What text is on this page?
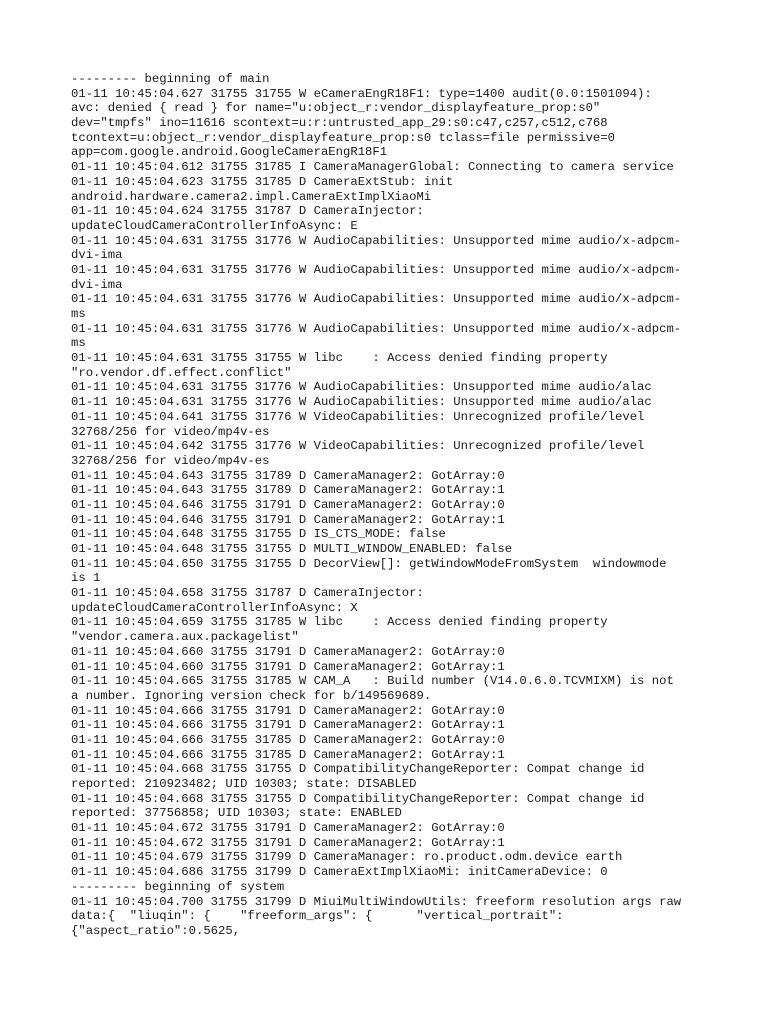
--------- beginning of main
01-11 10:45:04.627 31755 31755 W eCameraEngR18F1: type=1400 audit(0.0:1501094):
avc: denied { read } for name="u:object_r:vendor_displayfeature_prop:s0"
dev="tmpfs" ino=11616 scontext=u:r:untrusted_app_29:s0:c47,c257,c512,c768
tcontext=u:object_r:vendor_displayfeature_prop:s0 tclass=file permissive=0
app=com.google.android.GoogleCameraEngR18F1
01-11 10:45:04.612 31755 31785 I CameraManagerGlobal: Connecting to camera service
01-11 10:45:04.623 31755 31785 D CameraExtStub: init
android.hardware.camera2.impl.CameraExtImplXiaoMi
01-11 10:45:04.624 31755 31787 D CameraInjector:
updateCloudCameraControllerInfoAsync: E
01-11 10:45:04.631 31755 31776 W AudioCapabilities: Unsupported mime audio/x-adpcm-
dvi-ima
01-11 10:45:04.631 31755 31776 W AudioCapabilities: Unsupported mime audio/x-adpcm-
dvi-ima
01-11 10:45:04.631 31755 31776 W AudioCapabilities: Unsupported mime audio/x-adpcm-
ms
01-11 10:45:04.631 31755 31776 W AudioCapabilities: Unsupported mime audio/x-adpcm-
ms
01-11 10:45:04.631 31755 31755 W libc    : Access denied finding property
"ro.vendor.df.effect.conflict"
01-11 10:45:04.631 31755 31776 W AudioCapabilities: Unsupported mime audio/alac
01-11 10:45:04.631 31755 31776 W AudioCapabilities: Unsupported mime audio/alac
01-11 10:45:04.641 31755 31776 W VideoCapabilities: Unrecognized profile/level
32768/256 for video/mp4v-es
01-11 10:45:04.642 31755 31776 W VideoCapabilities: Unrecognized profile/level
32768/256 for video/mp4v-es
01-11 10:45:04.643 31755 31789 D CameraManager2: GotArray:0
01-11 10:45:04.643 31755 31789 D CameraManager2: GotArray:1
01-11 10:45:04.646 31755 31791 D CameraManager2: GotArray:0
01-11 10:45:04.646 31755 31791 D CameraManager2: GotArray:1
01-11 10:45:04.648 31755 31755 D IS_CTS_MODE: false
01-11 10:45:04.648 31755 31755 D MULTI_WINDOW_ENABLED: false
01-11 10:45:04.650 31755 31755 D DecorView[]: getWindowModeFromSystem  windowmode
is 1
01-11 10:45:04.658 31755 31787 D CameraInjector:
updateCloudCameraControllerInfoAsync: X
01-11 10:45:04.659 31755 31785 W libc    : Access denied finding property
"vendor.camera.aux.packagelist"
01-11 10:45:04.660 31755 31791 D CameraManager2: GotArray:0
01-11 10:45:04.660 31755 31791 D CameraManager2: GotArray:1
01-11 10:45:04.665 31755 31785 W CAM_A   : Build number (V14.0.6.0.TCVMIXM) is not
a number. Ignoring version check for b/149569689.
01-11 10:45:04.666 31755 31791 D CameraManager2: GotArray:0
01-11 10:45:04.666 31755 31791 D CameraManager2: GotArray:1
01-11 10:45:04.666 31755 31785 D CameraManager2: GotArray:0
01-11 10:45:04.666 31755 31785 D CameraManager2: GotArray:1
01-11 10:45:04.668 31755 31755 D CompatibilityChangeReporter: Compat change id
reported: 210923482; UID 10303; state: DISABLED
01-11 10:45:04.668 31755 31755 D CompatibilityChangeReporter: Compat change id
reported: 37756858; UID 10303; state: ENABLED
01-11 10:45:04.672 31755 31791 D CameraManager2: GotArray:0
01-11 10:45:04.672 31755 31791 D CameraManager2: GotArray:1
01-11 10:45:04.679 31755 31799 D CameraManager: ro.product.odm.device earth
01-11 10:45:04.686 31755 31799 D CameraExtImplXiaoMi: initCameraDevice: 0
--------- beginning of system
01-11 10:45:04.700 31755 31799 D MiuiMultiWindowUtils: freeform resolution args raw
data:{  "liuqin": {    "freeform_args": {      "vertical_portrait":
{"aspect_ratio":0.5625,
